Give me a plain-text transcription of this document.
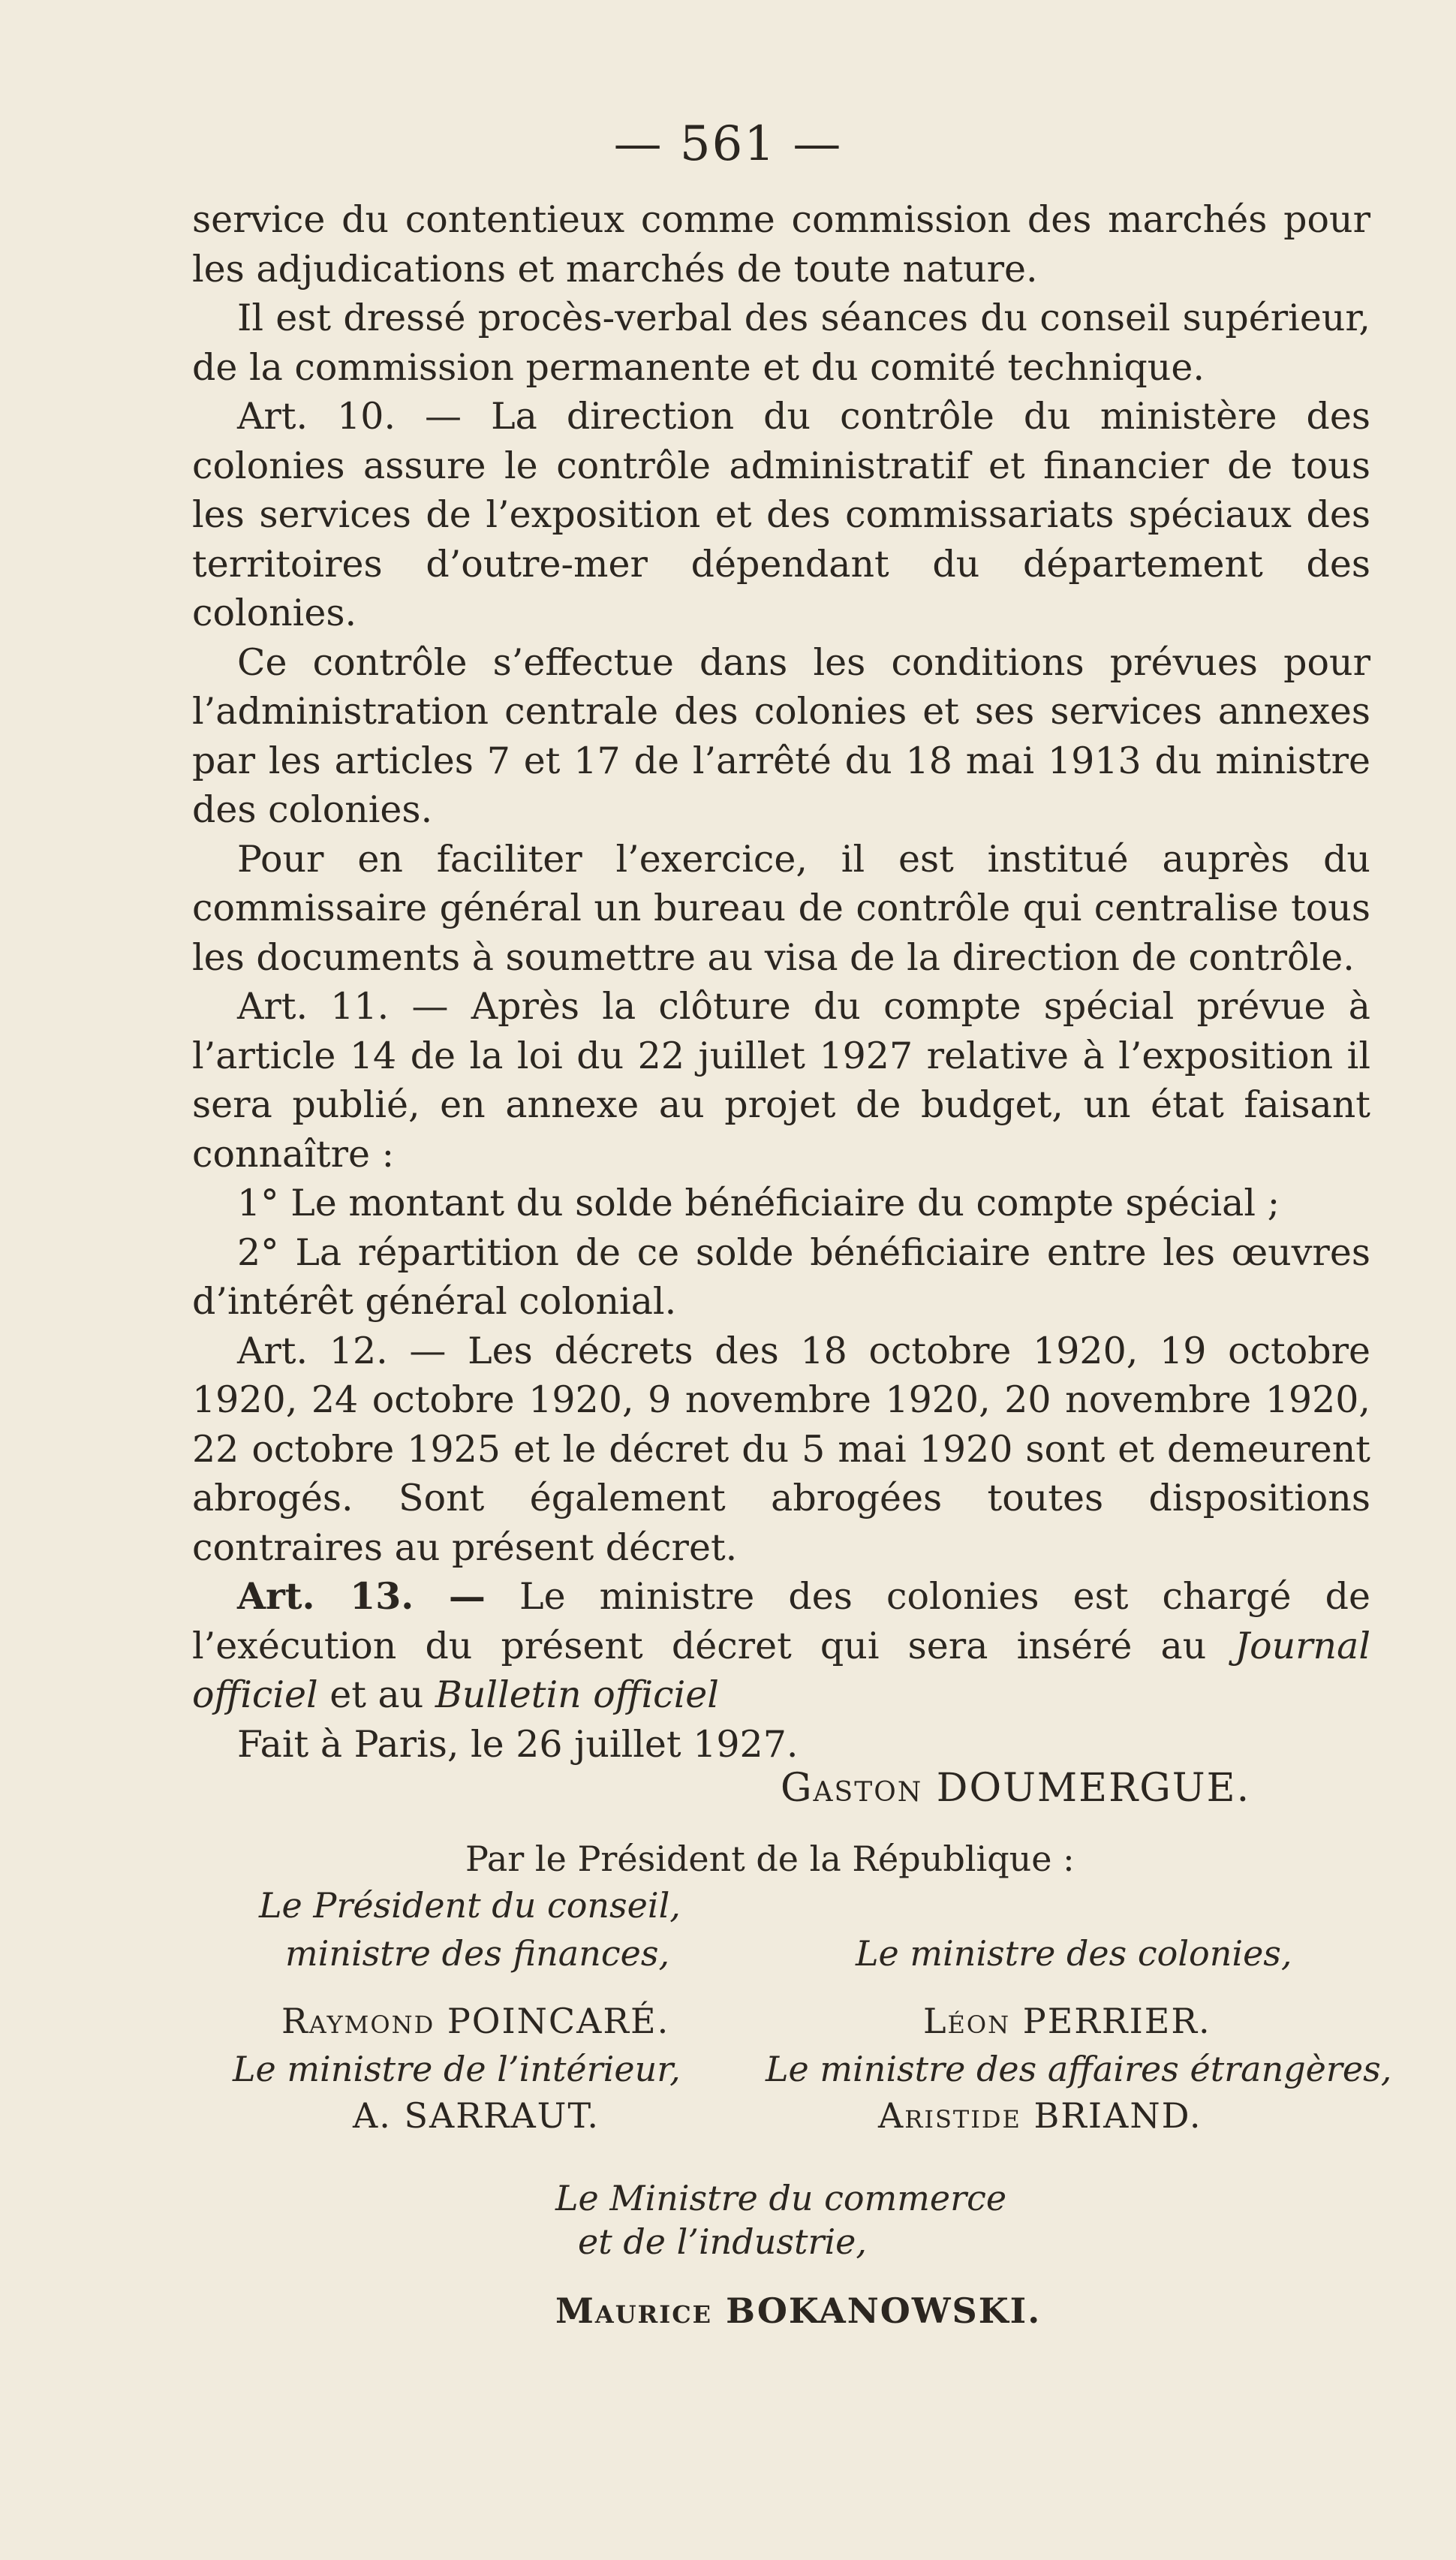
— 561 —

service du contentieux comme commission des marchés pour les adjudications et marchés de toute nature.

Il est dressé procès-verbal des séances du conseil supérieur, de la commission permanente et du comité technique.

Art. 10. — La direction du contrôle du ministère des colonies assure le contrôle administratif et financier de tous les services de l’exposition et des commissariats spéciaux des territoires d’outre-mer dépendant du département des colonies.

Ce contrôle s’effectue dans les conditions prévues pour l’administration centrale des colonies et ses services annexes par les articles 7 et 17 de l’arrêté du 18 mai 1913 du ministre des colonies.

Pour en faciliter l’exercice, il est institué auprès du commissaire général un bureau de contrôle qui centralise tous les documents à soumettre au visa de la direction de contrôle.

Art. 11. — Après la clôture du compte spécial prévue à l’article 14 de la loi du 22 juillet 1927 relative à l’exposition il sera publié, en annexe au projet de budget, un état faisant connaître :

1° Le montant du solde bénéficiaire du compte spécial ;

2° La répartition de ce solde bénéficiaire entre les œuvres d’intérêt général colonial.

Art. 12. — Les décrets des 18 octobre 1920, 19 octobre 1920, 24 octobre 1920, 9 novembre 1920, 20 novembre 1920, 22 octobre 1925 et le décret du 5 mai 1920 sont et demeurent abrogés. Sont également abrogées toutes dispositions contraires au présent décret.

Art. 13. — Le ministre des colonies est chargé de l’exécution du présent décret qui sera inséré au Journal officiel et au Bulletin officiel

Fait à Paris, le 26 juillet 1927.

Gaston DOUMERGUE.
Par le Président de la République :
Le Président du conseil,
ministre des finances,	Le ministre des colonies,
Raymond POINCARÉ.	Léon PERRIER.
Le ministre de l’intérieur, Le ministre des affaires étrangères,
A. SARRAUT.	Aristide BRIAND.
Le Ministre du commerce
et de l’industrie,
Maurice BOKANOWSKI.
